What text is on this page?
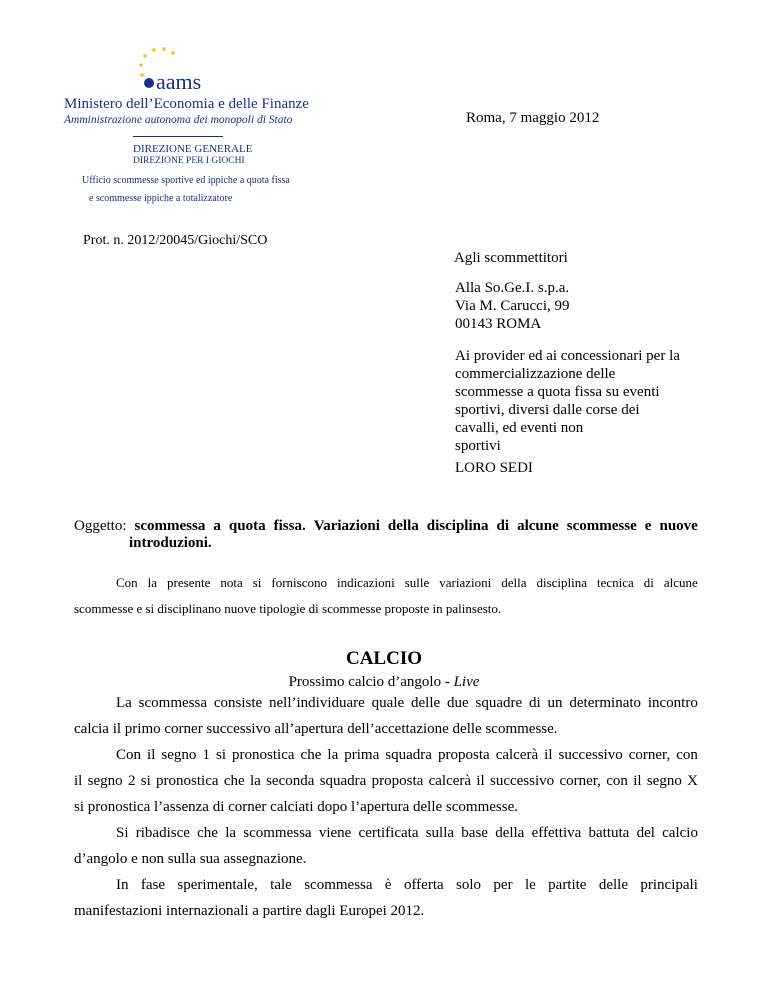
aams
Ministero dell’Economia e delle Finanze
Amministrazione autonoma dei monopoli di Stato
DIREZIONE GENERALE
DIREZIONE PER I GIOCHI
Ufficio scommesse sportive ed ippiche a quota fissa
e scommesse ippiche a totalizzatore
Roma, 7 maggio 2012
Prot. n. 2012/20045/Giochi/SCO
Agli scommettitori
Alla So.Ge.I. s.p.a.
Via M. Carucci, 99
00143 ROMA
Ai provider ed ai concessionari per la
commercializzazione delle
scommesse a quota fissa su eventi
sportivi, diversi dalle corse dei
cavalli, ed eventi non
sportivi
LORO SEDI
Oggetto: scommessa a quota fissa. Variazioni della disciplina di alcune scommesse e nuove
introduzioni.
Con la presente nota si forniscono indicazioni sulle variazioni della disciplina tecnica di alcune
scommesse e si disciplinano nuove tipologie di scommesse proposte in palinsesto.
CALCIO
Prossimo calcio d’angolo - Live
La scommessa consiste nell’individuare quale delle due squadre di un determinato incontro
calcia il primo corner successivo all’apertura dell’accettazione delle scommesse.
Con il segno 1 si pronostica che la prima squadra proposta calcerà il successivo corner, con
il segno 2 si pronostica che la seconda squadra proposta calcerà il successivo corner, con il segno X
si pronostica l’assenza di corner calciati dopo l’apertura delle scommesse.
Si ribadisce che la scommessa viene certificata sulla base della effettiva battuta del calcio
d’angolo e non sulla sua assegnazione.
In fase sperimentale, tale scommessa è offerta solo per le partite delle principali
manifestazioni internazionali a partire dagli Europei 2012.
